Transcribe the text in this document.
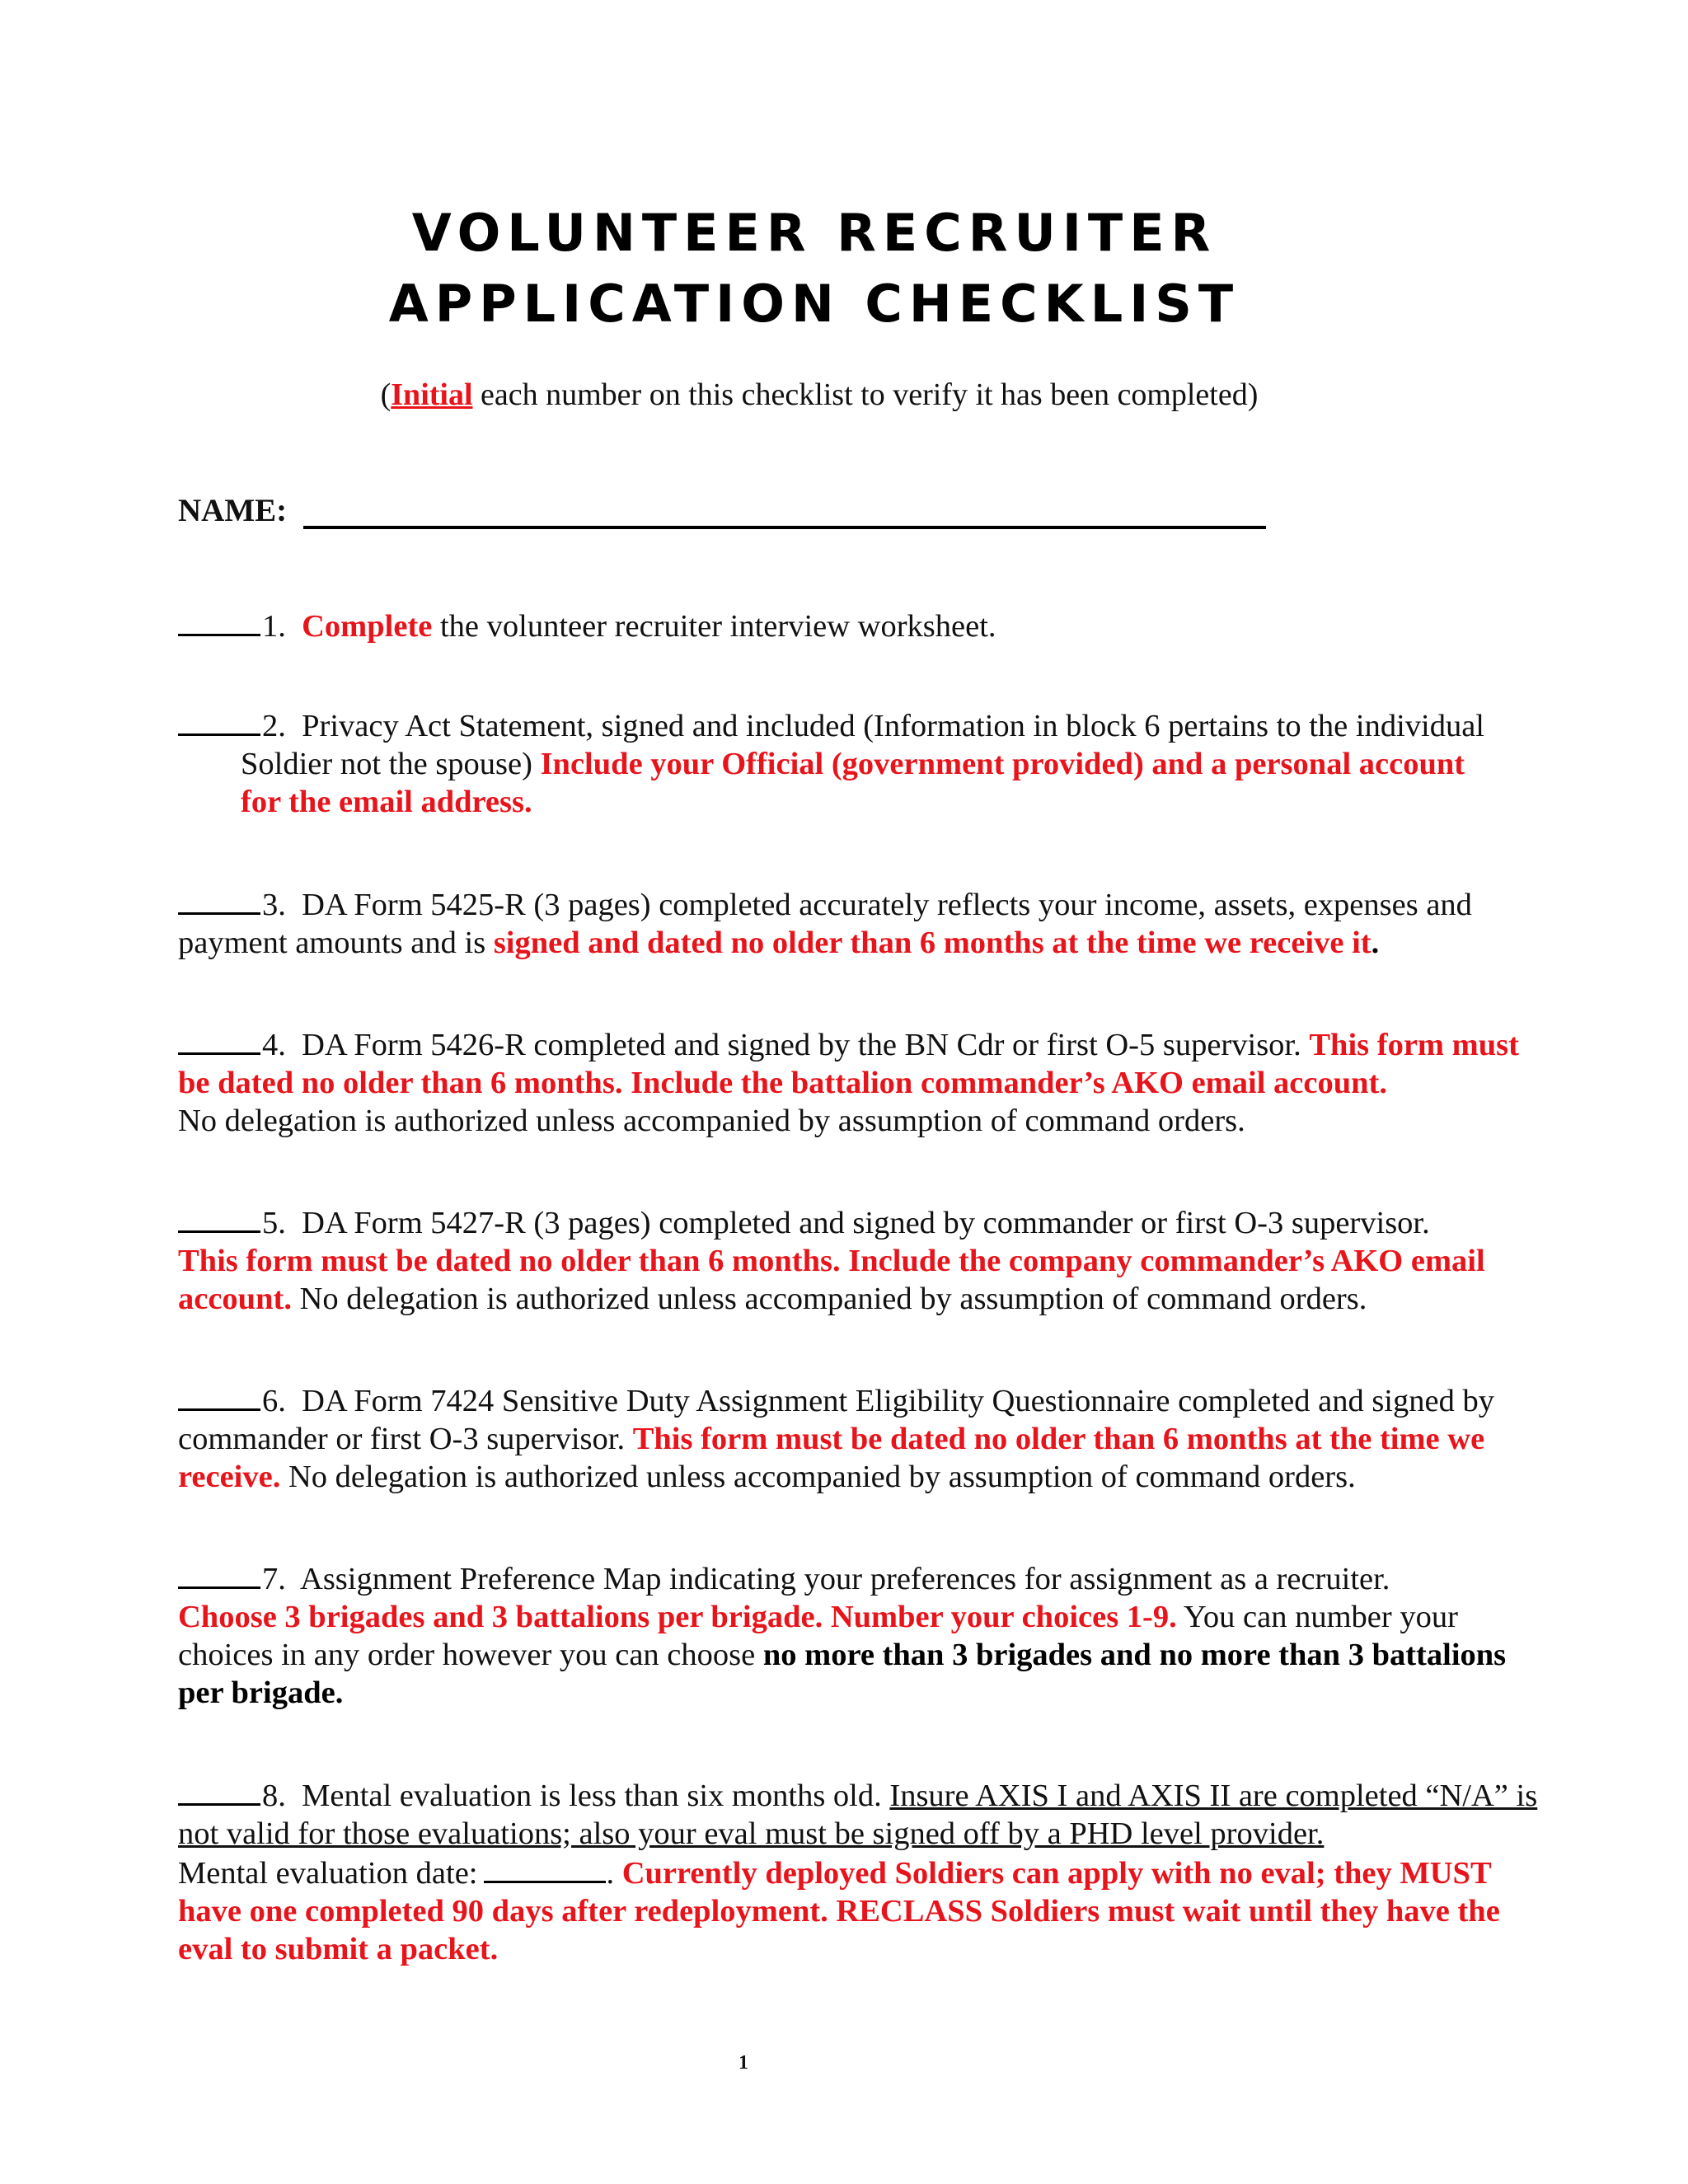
VOLUNTEER RECRUITER
APPLICATION CHECKLIST
(Initial each number on this checklist to verify it has been completed)
NAME:
1. Complete the volunteer recruiter interview worksheet.
2. Privacy Act Statement, signed and included (Information in block 6 pertains to the individual
Soldier not the spouse) Include your Official (government provided) and a personal account
for the email address.
3. DA Form 5425-R (3 pages) completed accurately reflects your income, assets, expenses and payment amounts and is signed and dated no older than 6 months at the time we receive it.
4. DA Form 5426-R completed and signed by the BN Cdr or first O-5 supervisor. This form must be dated no older than 6 months. Include the battalion commander’s AKO email account.
No delegation is authorized unless accompanied by assumption of command orders.
5. DA Form 5427-R (3 pages) completed and signed by commander or first O-3 supervisor.
This form must be dated no older than 6 months. Include the company commander’s AKO email account. No delegation is authorized unless accompanied by assumption of command orders.
6. DA Form 7424 Sensitive Duty Assignment Eligibility Questionnaire completed and signed by commander or first O-3 supervisor. This form must be dated no older than 6 months at the time we receive. No delegation is authorized unless accompanied by assumption of command orders.
7. Assignment Preference Map indicating your preferences for assignment as a recruiter.
Choose 3 brigades and 3 battalions per brigade. Number your choices 1-9. You can number your choices in any order however you can choose no more than 3 brigades and no more than 3 battalions per brigade.
8. Mental evaluation is less than six months old. Insure AXIS I and AXIS II are completed “N/A” is not valid for those evaluations; also your eval must be signed off by a PHD level provider.
Mental evaluation date:	. Currently deployed Soldiers can apply with no eval; they MUST have one completed 90 days after redeployment. RECLASS Soldiers must wait until they have the eval to submit a packet.
1
